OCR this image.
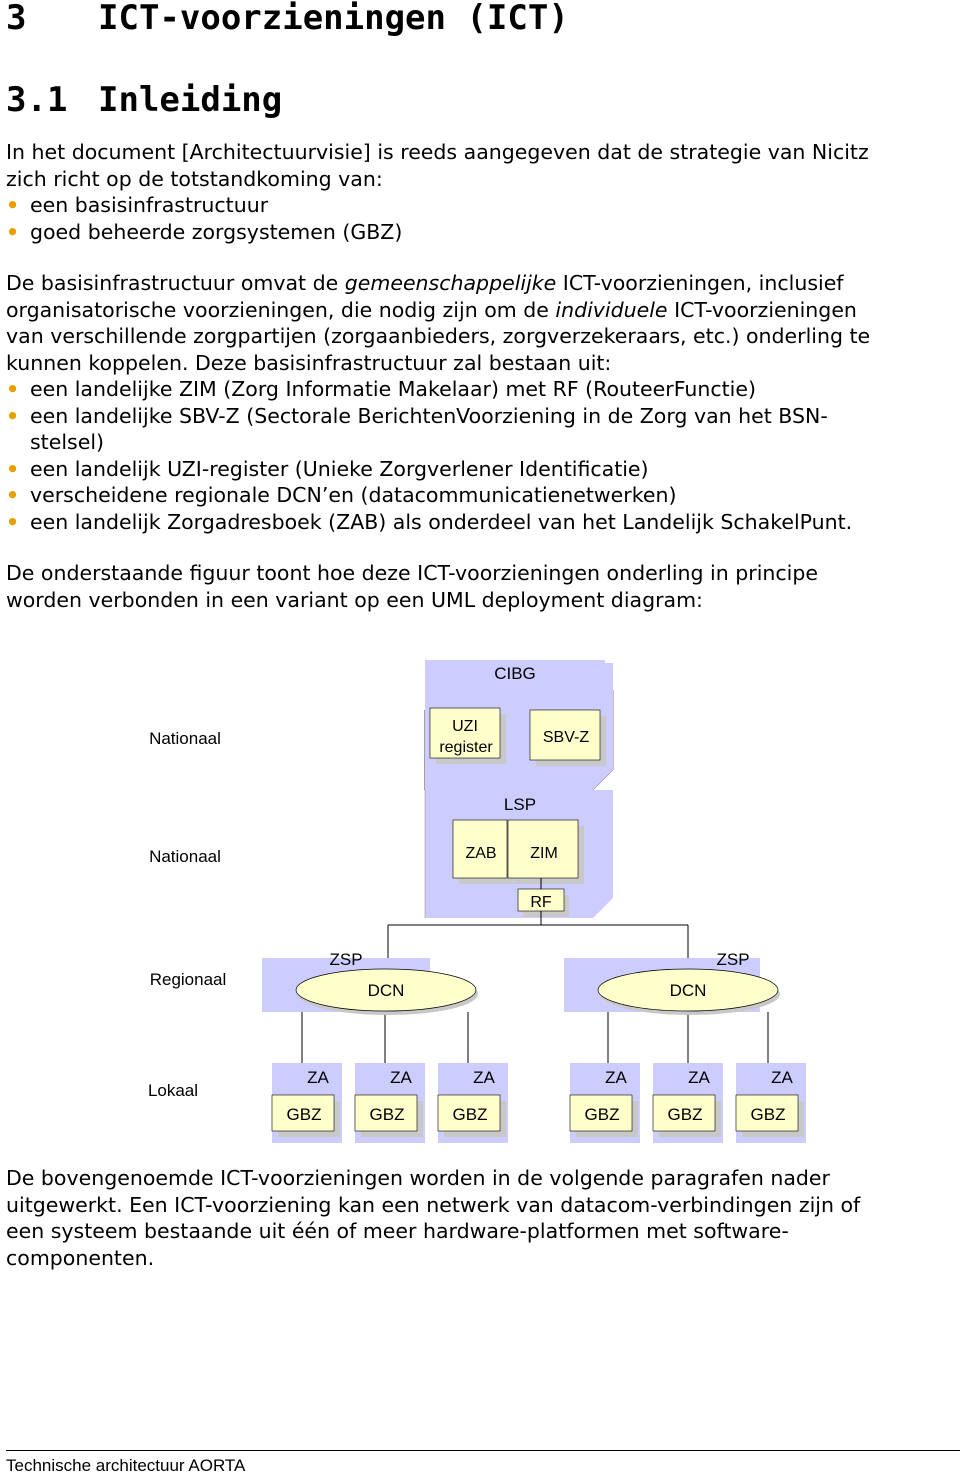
3 ICT-voorzieningen (ICT)
3.1 Inleiding
In het document [Architectuurvisie] is reeds aangegeven dat de strategie van Nicitz
zich richt op de totstandkoming van:
• een basisinfrastructuur
• goed beheerde zorgsystemen (GBZ)
De basisinfrastructuur omvat de gemeenschappelijke ICT-voorzieningen, inclusief
organisatorische voorzieningen, die nodig zijn om de individuele ICT-voorzieningen
van verschillende zorgpartijen (zorgaanbieders, zorgverzekeraars, etc.) onderling te
kunnen koppelen. Deze basisinfrastructuur zal bestaan uit:
• een landelijke ZIM (Zorg Informatie Makelaar) met RF (RouteerFunctie)
• een landelijke SBV-Z (Sectorale BerichtenVoorziening in de Zorg van het BSN-
stelsel)
• een landelijk UZI-register (Unieke Zorgverlener Identificatie)
• verscheidene regionale DCN’en (datacommunicatienetwerken)
• een landelijk Zorgadresboek (ZAB) als onderdeel van het Landelijk SchakelPunt.
De onderstaande figuur toont hoe deze ICT-voorzieningen onderling in principe
worden verbonden in een variant op een UML deployment diagram:
CIBG
UZI
register
SBV-Z
LSP
ZAB ZIM
RF
ZSP
DCN
ZSP
DCN
ZA
GBZ
ZA
GBZ
ZA
GBZ
ZA
GBZ
ZA
GBZ
ZA
GBZ
Nationaal
Nationaal
Regionaal
Lokaal
De bovengenoemde ICT-voorzieningen worden in de volgende paragrafen nader
uitgewerkt. Een ICT-voorziening kan een netwerk van datacom-verbindingen zijn of
een systeem bestaande uit één of meer hardware-platformen met software-
componenten.
Technische architectuur AORTA
